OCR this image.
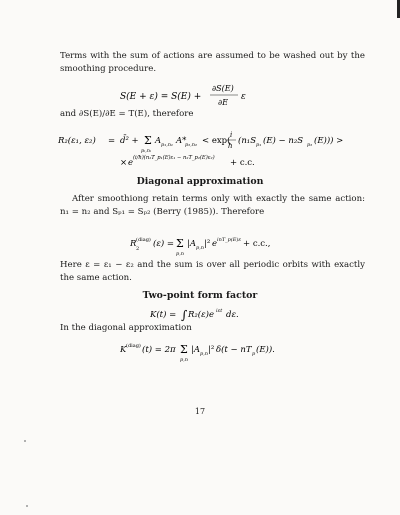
Terms with the sum of actions are assumed to be washed out by the smoothing procedure.
S(E + ε) = S(E) +
∂S(E)
∂E
ε
and ∂S(E)/∂E = T(E), therefore
R₂(ε₁, ε₂) = d̄² + Σ
pᵢ,nᵢ
A p₁,n₁ A*
p₂,n₂ < exp(
i
ħ (n₁S p₁ (E) − n₂S p₂ (E))) >
× e (i/ħ)(n₁T_p₁(E)ε₁ − n₂T_p₂(E)ε₂) + c.c.
Diagonal approximation
After smoothiong retain terms only with exactly the same action: n₁ = n₂ and Sₚ₁ = Sₚ₂ (Berry (1985)). Therefore
R (diag)
2 (ε) = Σ
p,n
|A p,n |² e inT_p(E)ε + c.c.,
Here ε = ε₁ − ε₂ and the sum is over all periodic orbits with exactly the same action.
Two-point form factor
K(t) = ∫ R₂(ε)e iεt dε.
In the diagonal approximation
K (diag) (t) = 2π Σ
p,n
|A p,n |² δ(t − nT p (E)).
17
